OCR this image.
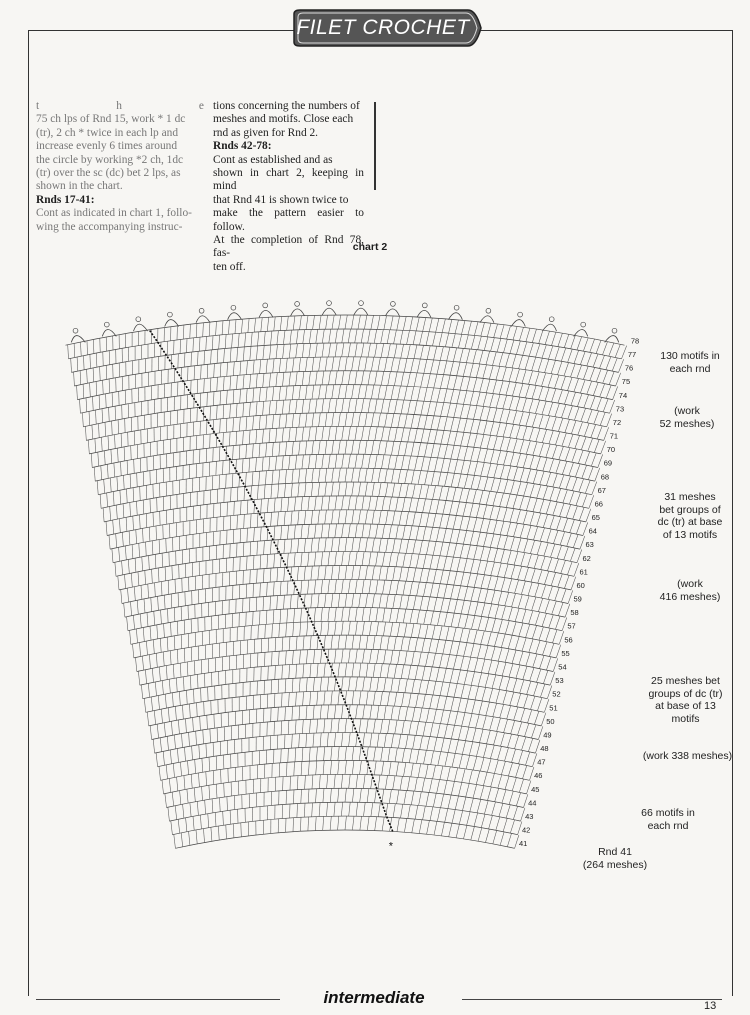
FILET CROCHET

t h e
75 ch lps of Rnd 15, work * 1 dc
(tr), 2 ch * twice in each lp and
increase evenly 6 times around
the circle by working *2 ch, 1dc
(tr) over the sc (dc) bet 2 lps, as
shown in the chart.

Rnds 17-41:

Cont as indicated in chart 1, follo-
wing the accompanying instruc-

tions concerning the numbers of
meshes and motifs. Close each
rnd as given for Rnd 2.

Rnds 42-78:

Cont as established and as
shown in chart 2, keeping in mind
that Rnd 41 is shown twice to
make the pattern easier to follow.
At the completion of Rnd 78, fas-
ten off.

chart 2
41
42
43
44
45
46
47
48
49
50
51
52
53
54
55
56
57
58
59
60
61
62
63
64
65
66
67
68
69
70
71
72
73
74
75
76
77
78
*
130 motifs in
each rnd
(work
52 meshes)
31 meshes
bet groups of
dc (tr) at base
of 13 motifs
(work
416 meshes)
25 meshes bet
groups of dc (tr)
at base of 13
motifs
(work 338 meshes)
66 motifs in
each rnd
Rnd 41
(264 meshes)
intermediate	13
